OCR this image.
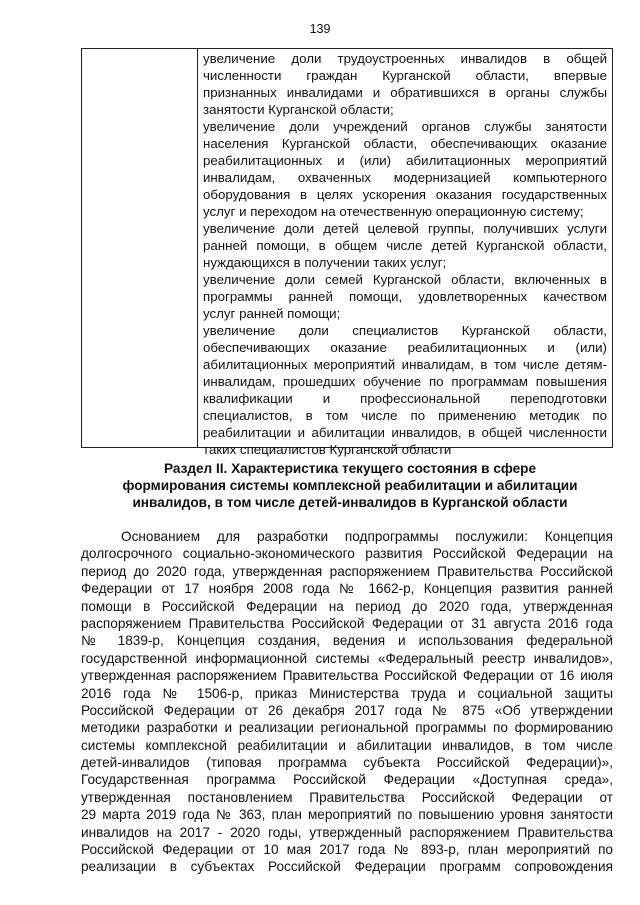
139
увеличение доли трудоустроенных инвалидов в общей
численности граждан Курганской области, впервые
признанных инвалидами и обратившихся в органы службы
занятости Курганской области;
увеличение доли учреждений органов службы занятости
населения Курганской области, обеспечивающих оказание
реабилитационных и (или) абилитационных мероприятий
инвалидам, охваченных модернизацией компьютерного
оборудования в целях ускорения оказания государственных
услуг и переходом на отечественную операционную систему;
увеличение доли детей целевой группы, получивших услуги
ранней помощи, в общем числе детей Курганской области,
нуждающихся в получении таких услуг;
увеличение доли семей Курганской области, включенных в
программы ранней помощи, удовлетворенных качеством
услуг ранней помощи;
увеличение доли специалистов Курганской области,
обеспечивающих оказание реабилитационных и (или)
абилитационных мероприятий инвалидам, в том числе детям-
инвалидам, прошедших обучение по программам повышения
квалификации и профессиональной переподготовки
специалистов, в том числе по применению методик по
реабилитации и абилитации инвалидов, в общей численности
таких специалистов Курганской области
Раздел II. Характеристика текущего состояния в сфере
формирования системы комплексной реабилитации и абилитации
инвалидов, в том числе детей-инвалидов в Курганской области
Основанием для разработки подпрограммы послужили: Концепция
долгосрочного социально-экономического развития Российской Федерации на
период до 2020 года, утвержденная распоряжением Правительства Российской
Федерации от 17 ноября 2008 года № 1662-р, Концепция развития ранней
помощи в Российской Федерации на период до 2020 года, утвержденная
распоряжением Правительства Российской Федерации от 31 августа 2016 года
№ 1839-р, Концепция создания, ведения и использования федеральной
государственной информационной системы «Федеральный реестр инвалидов»,
утвержденная распоряжением Правительства Российской Федерации от 16 июля
2016 года № 1506-р, приказ Министерства труда и социальной защиты
Российской Федерации от 26 декабря 2017 года № 875 «Об утверждении
методики разработки и реализации региональной программы по формированию
системы комплексной реабилитации и абилитации инвалидов, в том числе
детей-инвалидов (типовая программа субъекта Российской Федерации)»,
Государственная программа Российской Федерации «Доступная среда»,
утвержденная постановлением Правительства Российской Федерации от
29 марта 2019 года № 363, план мероприятий по повышению уровня занятости
инвалидов на 2017 - 2020 годы, утвержденный распоряжением Правительства
Российской Федерации от 10 мая 2017 года № 893-р, план мероприятий по
реализации в субъектах Российской Федерации программ сопровождения
